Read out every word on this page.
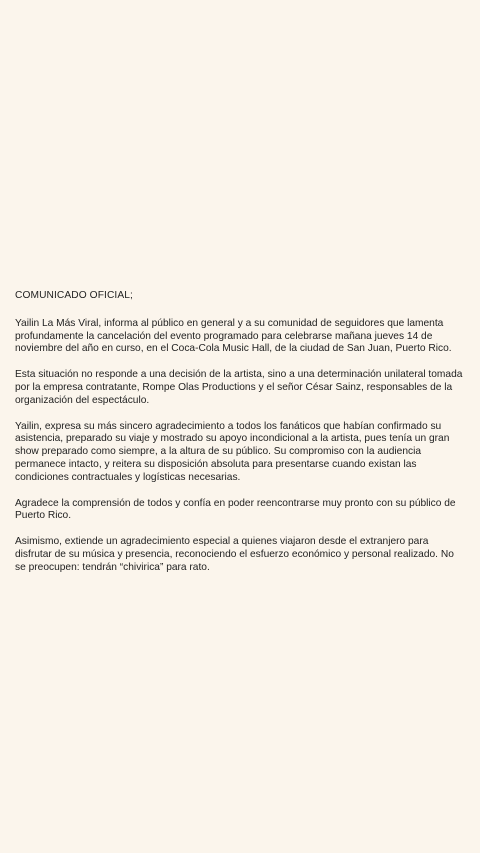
COMUNICADO OFICIAL;

Yailin La Más Viral, informa al público en general y a su comunidad de seguidores que lamenta profundamente la cancelación del evento programado para celebrarse mañana jueves 14 de noviembre del año en curso, en el Coca-Cola Music Hall, de la ciudad de San Juan, Puerto Rico.

Esta situación no responde a una decisión de la artista, sino a una determinación unilateral tomada por la empresa contratante, Rompe Olas Productions y el señor César Sainz, responsables de la organización del espectáculo.

Yailin, expresa su más sincero agradecimiento a todos los fanáticos que habían confirmado su asistencia, preparado su viaje y mostrado su apoyo incondicional a la artista, pues tenía un gran show preparado como siempre, a la altura de su público. Su compromiso con la audiencia permanece intacto, y reitera su disposición absoluta para presentarse cuando existan las condiciones contractuales y logísticas necesarias.

Agradece la comprensión de todos y confía en poder reencontrarse muy pronto con su público de Puerto Rico.

Asimismo, extiende un agradecimiento especial a quienes viajaron desde el extranjero para disfrutar de su música y presencia, reconociendo el esfuerzo económico y personal realizado. No se preocupen: tendrán “chivirica” para rato.
